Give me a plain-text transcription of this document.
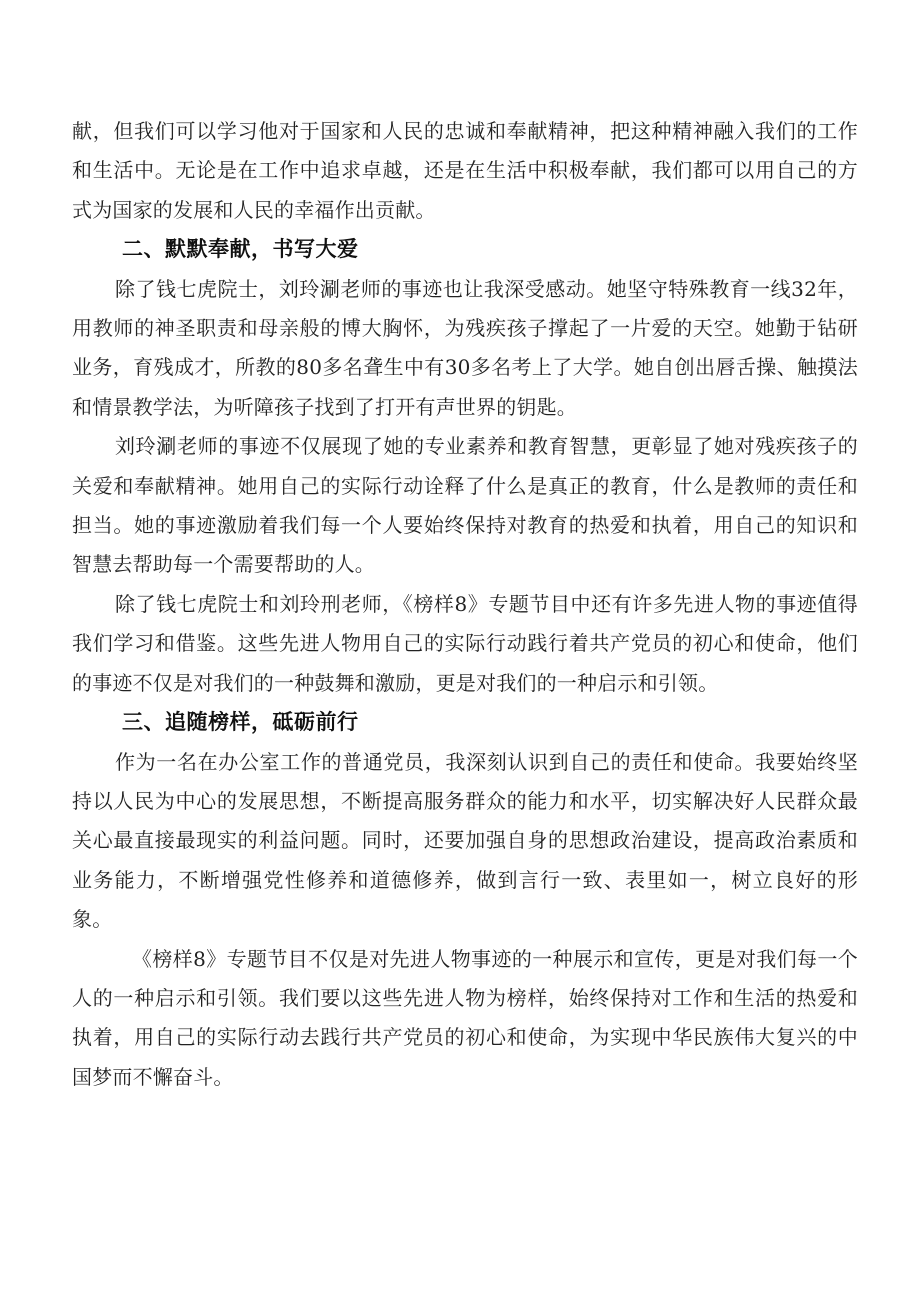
献，但我们可以学习他对于国家和人民的忠诚和奉献精神，把这种精神融入我们的工作和生活中。无论是在工作中追求卓越，还是在生活中积极奉献，我们都可以用自己的方式为国家的发展和人民的幸福作出贡献。

二、默默奉献，书写大爱

除了钱七虎院士，刘玲涮老师的事迹也让我深受感动。她坚守特殊教育一线32年，用教师的神圣职责和母亲般的博大胸怀，为残疾孩子撑起了一片爱的天空。她勤于钻研业务，育残成才，所教的80多名聋生中有30多名考上了大学。她自创出唇舌操、触摸法和情景教学法，为听障孩子找到了打开有声世界的钥匙。

刘玲涮老师的事迹不仅展现了她的专业素养和教育智慧，更彰显了她对残疾孩子的关爱和奉献精神。她用自己的实际行动诠释了什么是真正的教育，什么是教师的责任和担当。她的事迹激励着我们每一个人要始终保持对教育的热爱和执着，用自己的知识和智慧去帮助每一个需要帮助的人。

除了钱七虎院士和刘玲刑老师，《榜样8》专题节目中还有许多先进人物的事迹值得我们学习和借鉴。这些先进人物用自己的实际行动践行着共产党员的初心和使命，他们的事迹不仅是对我们的一种鼓舞和激励，更是对我们的一种启示和引领。

三、追随榜样，砥砺前行

作为一名在办公室工作的普通党员，我深刻认识到自己的责任和使命。我要始终坚持以人民为中心的发展思想，不断提高服务群众的能力和水平，切实解决好人民群众最关心最直接最现实的利益问题。同时，还要加强自身的思想政治建设，提高政治素质和业务能力，不断增强党性修养和道德修养，做到言行一致、表里如一，树立良好的形象。

《榜样8》专题节目不仅是对先进人物事迹的一种展示和宣传，更是对我们每一个人的一种启示和引领。我们要以这些先进人物为榜样，始终保持对工作和生活的热爱和执着，用自己的实际行动去践行共产党员的初心和使命，为实现中华民族伟大复兴的中国梦而不懈奋斗。
